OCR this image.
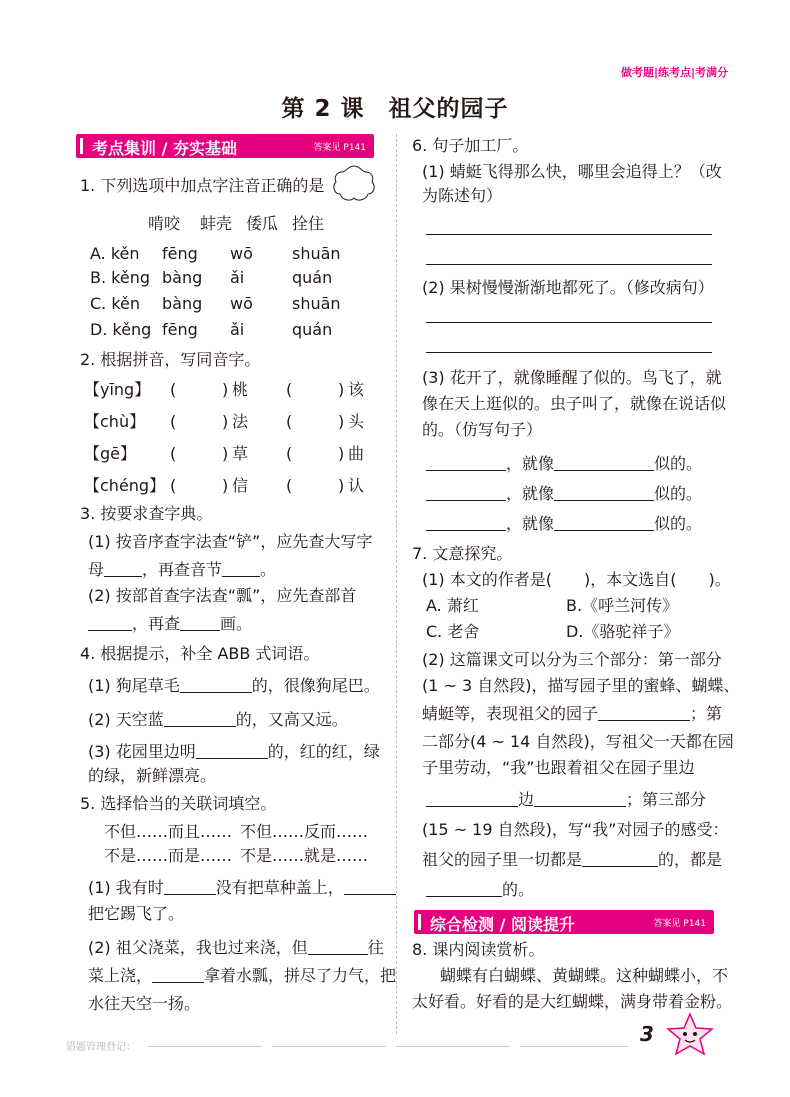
做考题|练考点|考满分
第 2 课　祖父的园子
考点集训 / 夯实基础	答案见 P141
1. 下列选项中加点字注音正确的是
啃咬 蚌壳 倭瓜 拴住
A. kěn fēng wō shuān
B. kěng bàng ǎi	quán
C. kěn bàng wō shuān
D. kěng fēng ǎi	quán
2. 根据拼音，写同音字。
【yīng】 (	) 桃 (	) 该
【chù】 (	) 法 (	) 头
【gē】 (	) 草 (	) 曲
【chéng】 (	) 信 (	) 认
3. 按要求查字典。
(1) 按音序查字法查“铲”，应先查大写字
母 ，再查音节 。
(2) 按部首查字法查“瓢”，应先查部首
，再查	画。
4. 根据提示，补全 ABB 式词语。
(1) 狗尾草毛	的，很像狗尾巴。
(2) 天空蓝	的，又高又远。
(3) 花园里边明	的，红的红，绿
的绿，新鲜漂亮。
5. 选择恰当的关联词填空。
不但……而且…… 不但……反而……
不是……而是…… 不是……就是……
(1) 我有时	没有把草种盖上，
把它踢飞了。
(2) 祖父浇菜，我也过来浇，但	往
菜上浇，	拿着水瓢，拼尽了力气，把
水往天空一扬。
6. 句子加工厂。
(1) 蜻蜓飞得那么快，哪里会追得上？（改
为陈述句）
(2) 果树慢慢渐渐地都死了。（修改病句）
(3) 花开了，就像睡醒了似的。鸟飞了，就
像在天上逛似的。虫子叫了，就像在说话似
的。（仿写句子）
，就像	似的。
，就像	似的。
，就像	似的。
7. 文意探究。
(1) 本文的作者是(　　)，本文选自(　　)。
A. 萧红	B.《呼兰河传》
C. 老舍	D.《骆驼祥子》
(2) 这篇课文可以分为三个部分：第一部分
(1 ~ 3 自然段)，描写园子里的蜜蜂、蝴蝶、
蜻蜓等，表现祖父的园子	；第
二部分(4 ~ 14 自然段)，写祖父一天都在园
子里劳动，“我”也跟着祖父在园子里边
边	；第三部分
(15 ~ 19 自然段)，写“我”对园子的感受：
祖父的园子里一切都是	的，都是
的。
综合检测 / 阅读提升	答案见 P141
8. 课内阅读赏析。
蝴蝶有白蝴蝶、黄蝴蝶。这种蝴蝶小，不
太好看。好看的是大红蝴蝶，满身带着金粉。
错题管理登记：
3
